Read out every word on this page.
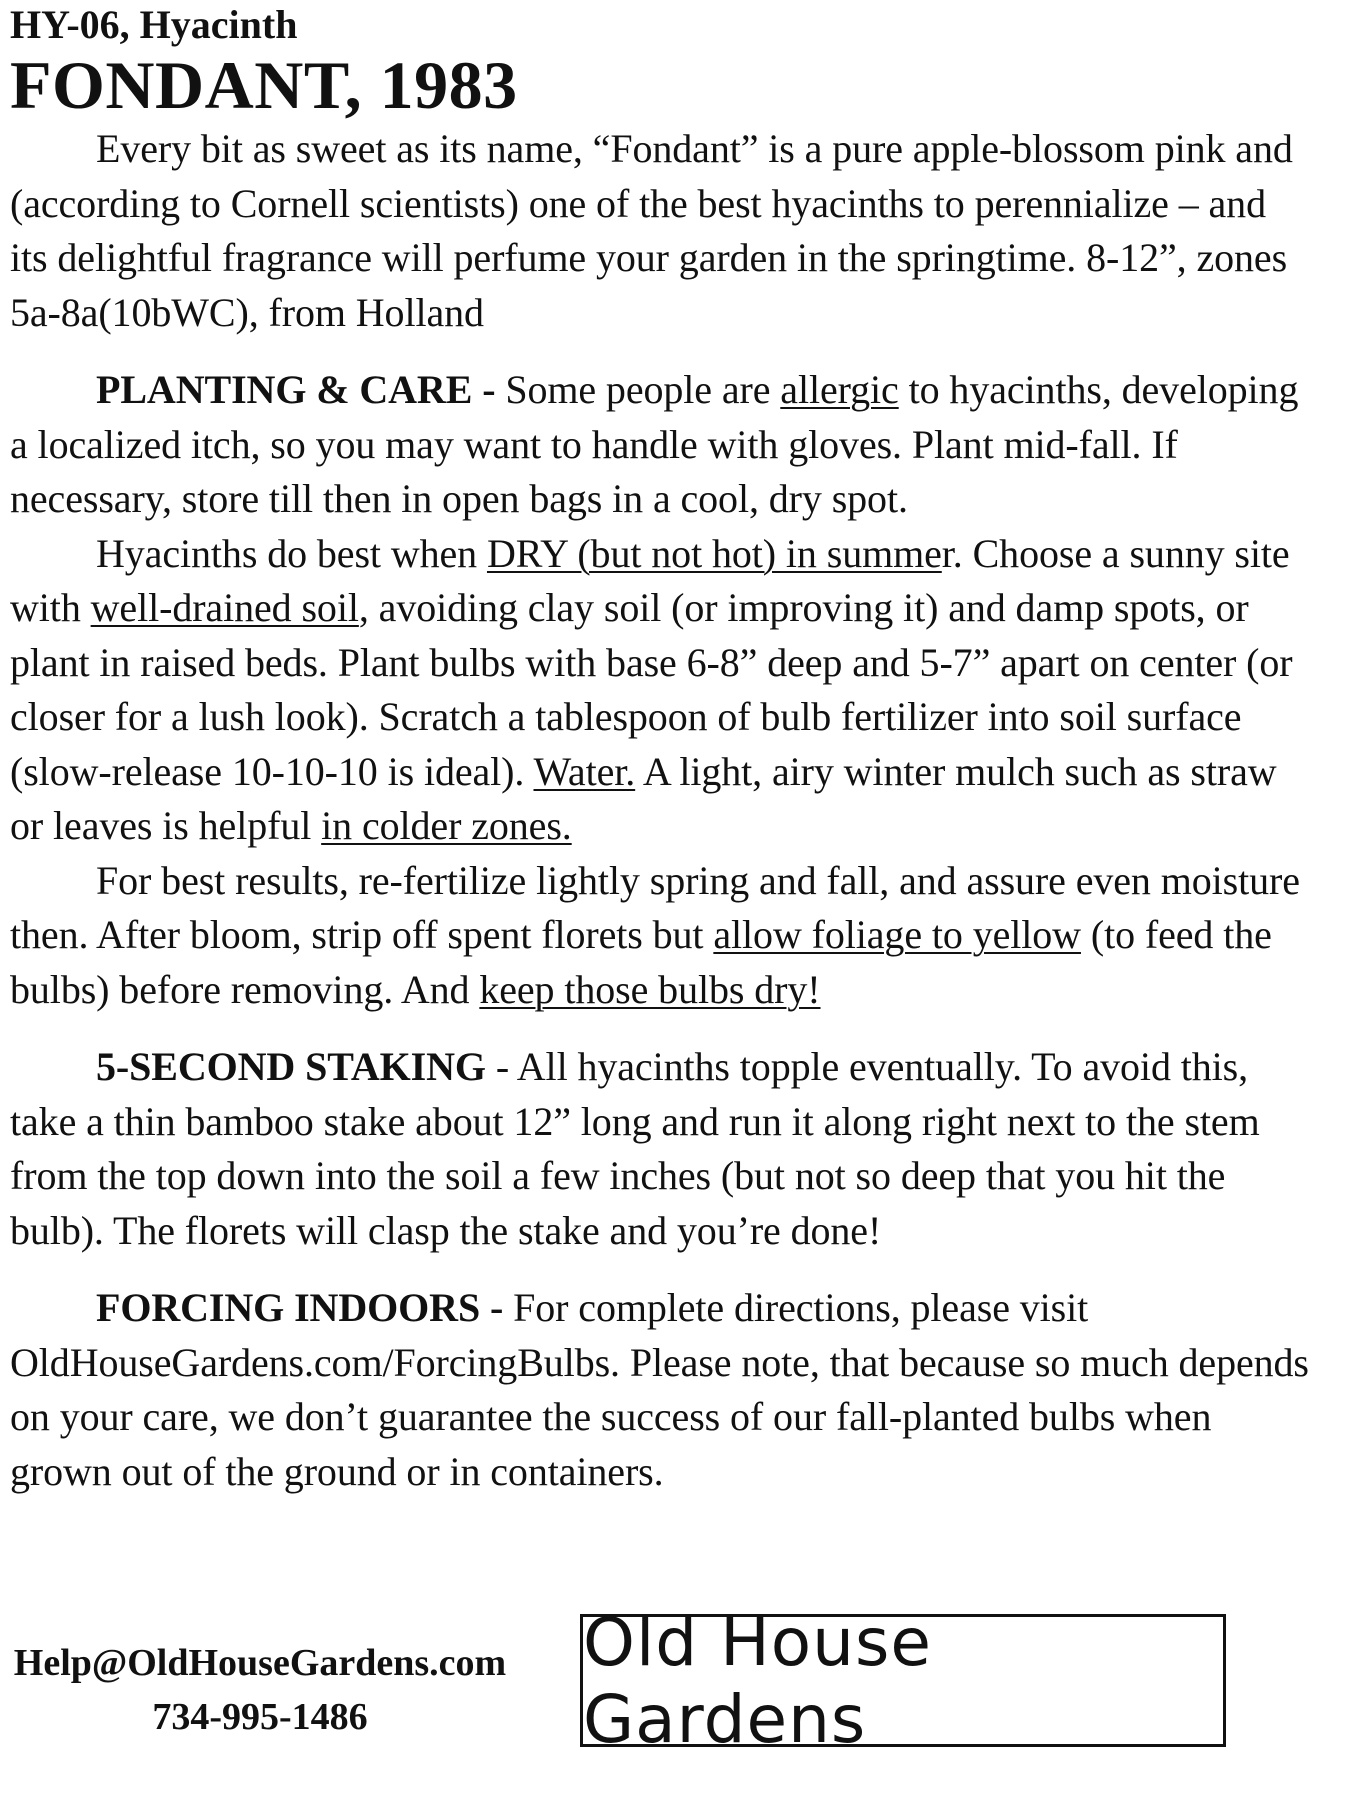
HY-06, Hyacinth

FONDANT, 1983

Every bit as sweet as its name, “Fondant” is a pure apple-blossom pink and (according to Cornell scientists) one of the best hyacinths to perennialize – and its delightful fragrance will perfume your garden in the springtime. 8-12”, zones 5a-8a(10bWC), from Holland

PLANTING & CARE - Some people are allergic to hyacinths, developing a localized itch, so you may want to handle with gloves. Plant mid-fall. If necessary, store till then in open bags in a cool, dry spot.

Hyacinths do best when DRY (but not hot) in summer. Choose a sunny site with well-drained soil, avoiding clay soil (or improving it) and damp spots, or plant in raised beds. Plant bulbs with base 6-8” deep and 5-7” apart on center (or closer for a lush look). Scratch a tablespoon of bulb fertilizer into soil surface (slow-release 10-10-10 is ideal). Water. A light, airy winter mulch such as straw or leaves is helpful in colder zones.

For best results, re-fertilize lightly spring and fall, and assure even moisture then. After bloom, strip off spent florets but allow foliage to yellow (to feed the bulbs) before removing. And keep those bulbs dry!

5-SECOND STAKING - All hyacinths topple eventually. To avoid this, take a thin bamboo stake about 12” long and run it along right next to the stem from the top down into the soil a few inches (but not so deep that you hit the bulb). The florets will clasp the stake and you’re done!

FORCING INDOORS - For complete directions, please visit OldHouseGardens.com/ForcingBulbs. Please note, that because so much depends on your care, we don’t guarantee the success of our fall-planted bulbs when grown out of the ground or in containers.

Help@OldHouseGardens.com
734-995-1486
Old House Gardens
